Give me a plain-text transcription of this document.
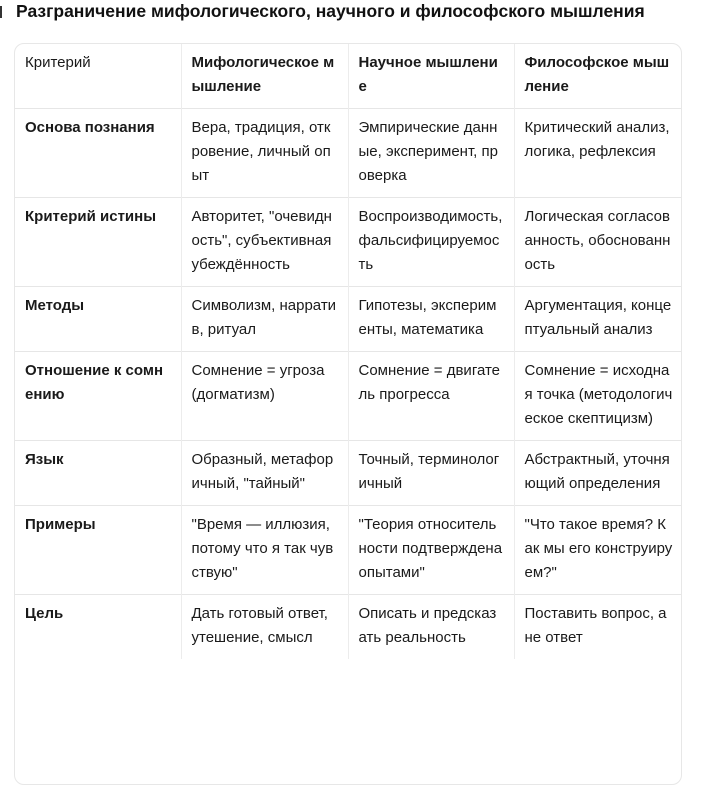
Разграничение мифологического, научного и философского мышления
Критерий	Мифологическое мышление	Научное мышление	Философское мышление
Основа познания	Вера, традиция, откровение, личный опыт	Эмпирические данные, эксперимент, проверка	Критический анализ, логика, рефлексия
Критерий истины	Авторитет, "очевидность", субъективная убеждённость	Воспроизводимость, фальсифицируемость	Логическая согласованность, обоснованность
Методы	Символизм, нарратив, ритуал	Гипотезы, эксперименты, математика	Аргументация, концептуальный анализ
Отношение к сомнению	Сомнение = угроза (догматизм)	Сомнение = двигатель прогресса	Сомнение = исходная точка (методологическое скептицизм)
Язык	Образный, метафоричный, "тайный"	Точный, терминологичный	Абстрактный, уточняющий определения
Примеры	"Время — иллюзия, потому что я так чувствую"	"Теория относительности подтверждена опытами"	"Что такое время? Как мы его конструируем?"
Цель	Дать готовый ответ, утешение, смысл	Описать и предсказать реальность	Поставить вопрос, а не ответ
